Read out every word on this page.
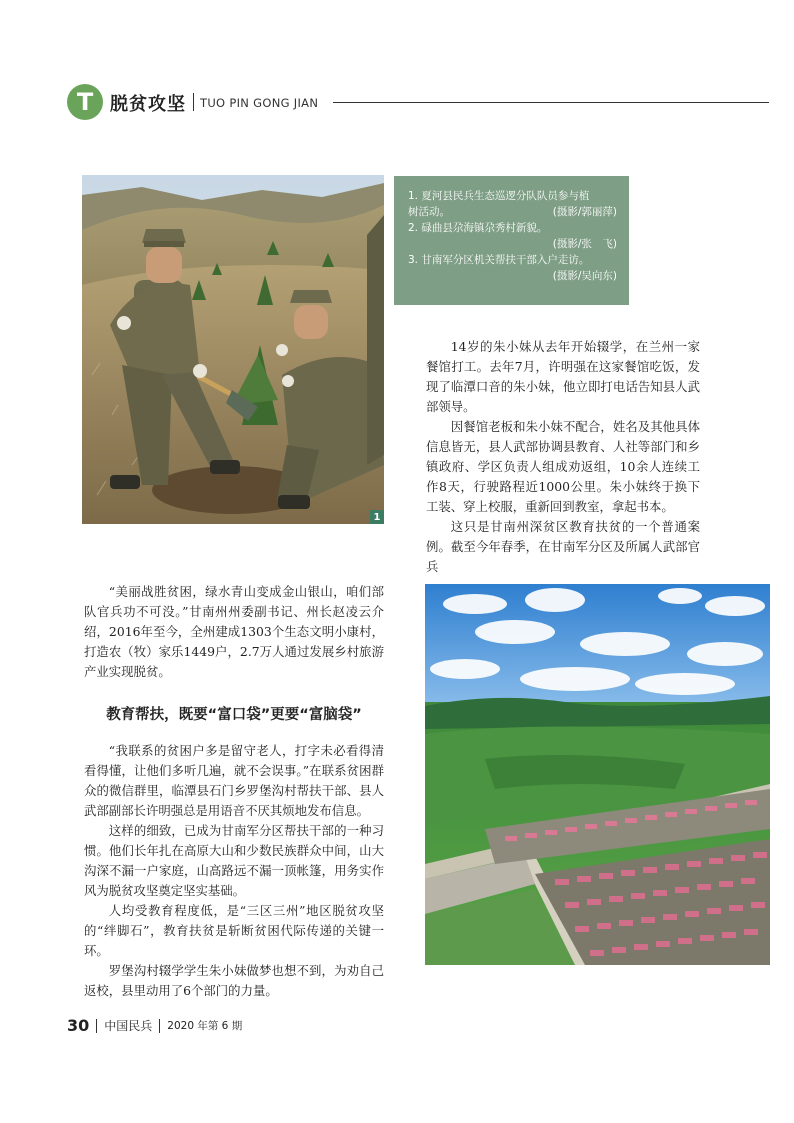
T 脱贫攻坚 TUO PIN GONG JIAN
1
1. 夏河县民兵生态巡逻分队队员参与植
树活动。	(摄影/郭丽萍)
2. 碌曲县尕海镇尕秀村新貌。
(摄影/张　飞)
3. 甘南军分区机关帮扶干部入户走访。
(摄影/吴向东)

14岁的朱小妹从去年开始辍学，在兰州一家餐馆打工。去年7月，许明强在这家餐馆吃饭，发现了临潭口音的朱小妹，他立即打电话告知县人武部领导。

因餐馆老板和朱小妹不配合，姓名及其他具体信息皆无，县人武部协调县教育、人社等部门和乡镇政府、学区负责人组成劝返组，10余人连续工作8天，行驶路程近1000公里。朱小妹终于换下工装、穿上校服，重新回到教室，拿起书本。

这只是甘南州深贫区教育扶贫的一个普通案例。截至今年春季，在甘南军分区及所属人武部官兵

“美丽战胜贫困，绿水青山变成金山银山，咱们部队官兵功不可没。”甘南州州委副书记、州长赵凌云介绍，2016年至今，全州建成1303个生态文明小康村，打造农（牧）家乐1449户，2.7万人通过发展乡村旅游产业实现脱贫。

教育帮扶，既要“富口袋”更要“富脑袋”

“我联系的贫困户多是留守老人，打字未必看得清看得懂，让他们多听几遍，就不会误事。”在联系贫困群众的微信群里，临潭县石门乡罗堡沟村帮扶干部、县人武部副部长许明强总是用语音不厌其烦地发布信息。

这样的细致，已成为甘南军分区帮扶干部的一种习惯。他们长年扎在高原大山和少数民族群众中间，山大沟深不漏一户家庭，山高路远不漏一顶帐篷，用务实作风为脱贫攻坚奠定坚实基础。

人均受教育程度低，是“三区三州”地区脱贫攻坚的“绊脚石”，教育扶贫是斩断贫困代际传递的关键一环。

罗堡沟村辍学学生朱小妹做梦也想不到，为劝自己返校，县里动用了6个部门的力量。

30 中国民兵 2020 年第 6 期
